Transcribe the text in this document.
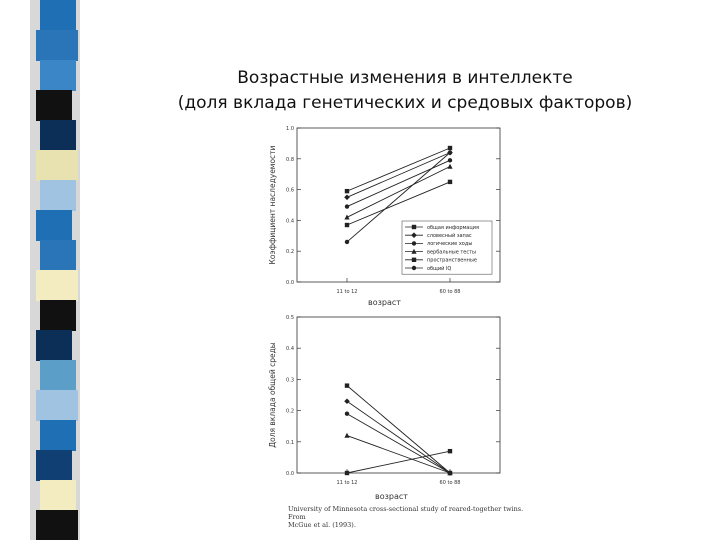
Возрастные изменения в интеллекте
(доля вклада генетических и средовых факторов)
0.0
0.2
0.4
0.6
0.8
1.0
11 to 12	60 to 88
возраст
Коэффициент наследуемости	общая информация
словесный запас
логические ходы
вербальные тесты
пространственные
общий IQ
0.0
0.1
0.2
0.3
0.4
0.5
11 to 12	60 to 88
возраст
Доля вклада общей среды
University of Minnesota cross-sectional study of reared-together twins. From
McGue et al. (1993).
